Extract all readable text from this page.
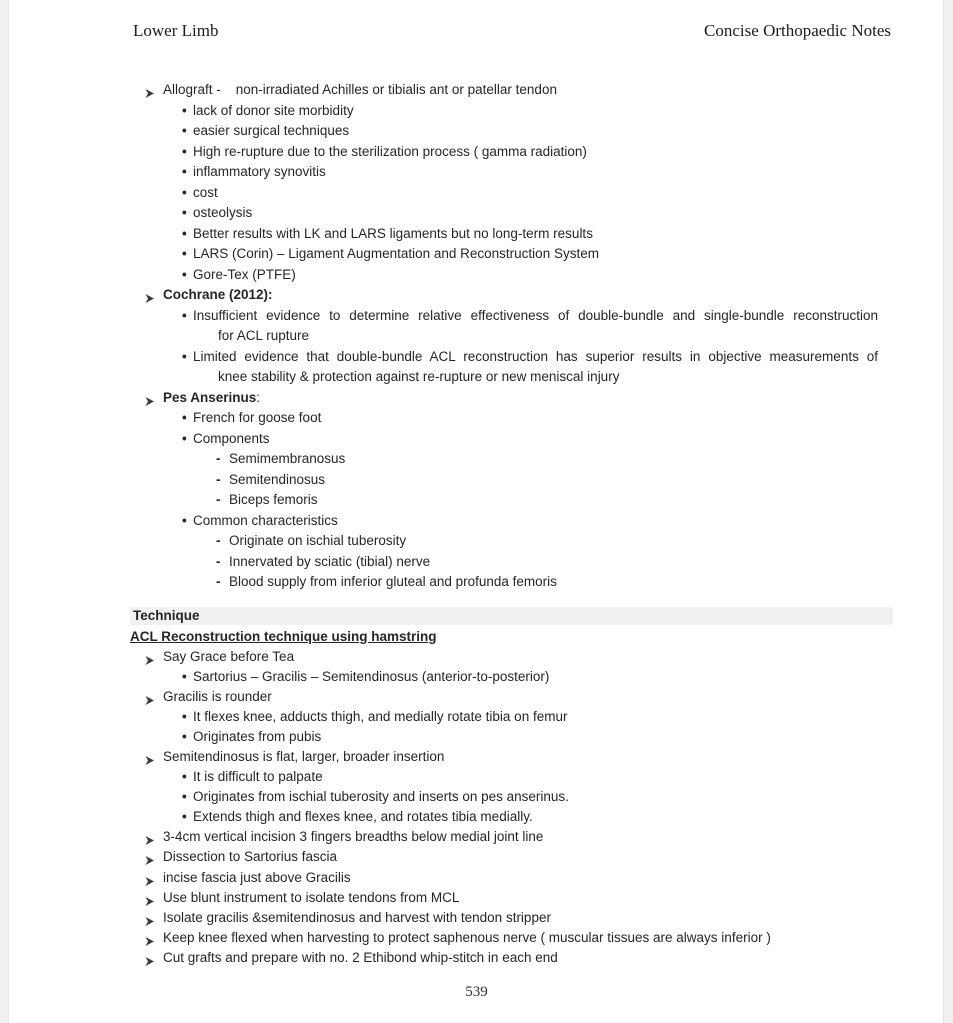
Lower Limb	Concise Orthopaedic Notes
Allograft -    non-irradiated Achilles or tibialis ant or patellar tendon
• lack of donor site morbidity
• easier surgical techniques
• High re-rupture due to the sterilization process ( gamma radiation)
• inflammatory synovitis
• cost
• osteolysis
• Better results with LK and LARS ligaments but no long-term results
• LARS (Corin) – Ligament Augmentation and Reconstruction System
• Gore-Tex (PTFE)
Cochrane (2012):
• Insufficient evidence to determine relative effectiveness of double-bundle and single-bundle reconstruction
for ACL rupture
• Limited evidence that double-bundle ACL reconstruction has superior results in objective measurements of
knee stability & protection against re-rupture or new meniscal injury
Pes Anserinus:
• French for goose foot
• Components
- Semimembranosus
- Semitendinosus
- Biceps femoris
• Common characteristics
- Originate on ischial tuberosity
- Innervated by sciatic (tibial) nerve
- Blood supply from inferior gluteal and profunda femoris
Technique
ACL Reconstruction technique using hamstring
Say Grace before Tea
• Sartorius – Gracilis – Semitendinosus (anterior-to-posterior)
Gracilis is rounder
• It flexes knee, adducts thigh, and medially rotate tibia on femur
• Originates from pubis
Semitendinosus is flat, larger, broader insertion
• It is difficult to palpate
• Originates from ischial tuberosity and inserts on pes anserinus.
• Extends thigh and flexes knee, and rotates tibia medially.
3-4cm vertical incision 3 fingers breadths below medial joint line
Dissection to Sartorius fascia
incise fascia just above Gracilis
Use blunt instrument to isolate tendons from MCL
Isolate gracilis &semitendinosus and harvest with tendon stripper
Keep knee flexed when harvesting to protect saphenous nerve ( muscular tissues are always inferior )
Cut grafts and prepare with no. 2 Ethibond whip-stitch in each end
539
